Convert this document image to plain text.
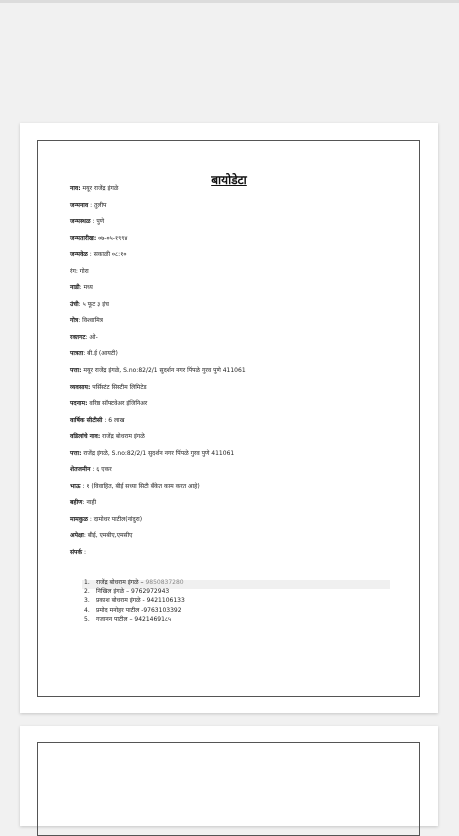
बायोडेटा
नाव: मयूर राजेंद्र इंगळे
जन्मनाव : तुलीप
जन्मस्थळ : पुणे
जन्मतारीख: ०७-०५-१९९४
जन्मवेळ : सकाळी ०८:१०
रंग: गोरा
नाडी: मध्य
उंची: ५ फूट ३ इंच
गोत्र: विश्वामित्र
रक्तगट: ओ-
पात्रता: बी.ई (आयटी)
पत्ता: मयूर राजेंद्र इंगळे, S.no:82/2/1 सुदर्शन नगर पिंपळे गुरव पुणे 411061
व्यवसाय: पर्सिस्टंट सिस्टीम लिमिटेड
पदनाम: वरिष्ठ सॉफ्टवेअर इंजिनिअर
वार्षिक सीटीसी : 6 लाख
वडिलांचे नाव: राजेंद्र बोधराम इंगळे
पत्ता: राजेंद्र इंगळे, S.no:82/2/1 सुदर्शन नगर पिंपळे गुरव पुणे 411061
शेतजमीन : ६ एकर
भाऊ : १ (विवाहित, बीई सध्या सिटी बँकेत काम करत आहे)
बहीण: नाही
मामकुळ : दामोधर पाटील(नांदुरा)
अपेक्षा: बीई, एमबीए,एमसीए
संपर्क :
1. राजेंद्र बोधराम इंगळे – 9850837280
2. निखिल इंगळे – 9762972943
3. प्रकाश बोधराम इंगळे - 9421106133
4. प्रमोद मनोहर पाटील -9763103392
5. गजानन पाटील – 94214691८५
